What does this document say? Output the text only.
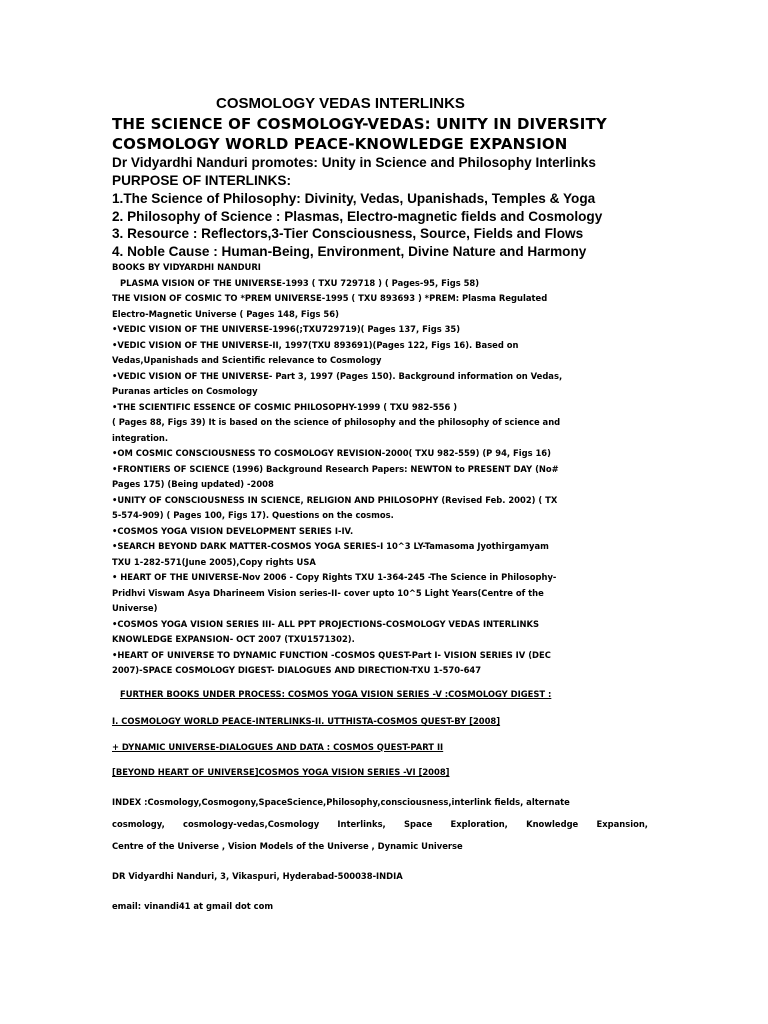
COSMOLOGY VEDAS INTERLINKS
THE SCIENCE OF COSMOLOGY-VEDAS: UNITY IN DIVERSITY
COSMOLOGY WORLD PEACE-KNOWLEDGE EXPANSION
Dr Vidyardhi Nanduri promotes: Unity in Science and Philosophy Interlinks
PURPOSE OF INTERLINKS:
1.The Science of Philosophy: Divinity, Vedas, Upanishads, Temples & Yoga
2. Philosophy of Science : Plasmas, Electro-magnetic fields and Cosmology
3. Resource : Reflectors,3-Tier Consciousness, Source, Fields and Flows
4. Noble Cause : Human-Being, Environment, Divine Nature and Harmony
BOOKS BY VIDYARDHI NANDURI
PLASMA VISION OF THE UNIVERSE-1993 ( TXU 729718 ) ( Pages-95, Figs 58)
THE VISION OF COSMIC TO *PREM UNIVERSE-1995 ( TXU 893693 ) *PREM: Plasma Regulated
Electro-Magnetic Universe ( Pages 148, Figs 56)
•VEDIC VISION OF THE UNIVERSE-1996(;TXU729719)( Pages 137, Figs 35)
•VEDIC VISION OF THE UNIVERSE-II, 1997(TXU 893691)(Pages 122, Figs 16). Based on
Vedas,Upanishads and Scientific relevance to Cosmology
•VEDIC VISION OF THE UNIVERSE- Part 3, 1997 (Pages 150). Background information on Vedas,
Puranas articles on Cosmology
•THE SCIENTIFIC ESSENCE OF COSMIC PHILOSOPHY-1999 ( TXU 982-556 )
( Pages 88, Figs 39) It is based on the science of philosophy and the philosophy of science and
integration.
•OM COSMIC CONSCIOUSNESS TO COSMOLOGY REVISION-2000( TXU 982-559) (P 94, Figs 16)
•FRONTIERS OF SCIENCE (1996) Background Research Papers: NEWTON to PRESENT DAY (No#
Pages 175) (Being updated) -2008
•UNITY OF CONSCIOUSNESS IN SCIENCE, RELIGION AND PHILOSOPHY (Revised Feb. 2002) ( TX
5-574-909) ( Pages 100, Figs 17). Questions on the cosmos.
•COSMOS YOGA VISION DEVELOPMENT SERIES I-IV.
•SEARCH BEYOND DARK MATTER-COSMOS YOGA SERIES-I 10^3 LY-Tamasoma Jyothirgamyam
TXU 1-282-571(June 2005),Copy rights USA
• HEART OF THE UNIVERSE-Nov 2006 - Copy Rights TXU 1-364-245 -The Science in Philosophy-
Pridhvi Viswam Asya Dharineem Vision series-II- cover upto 10^5 Light Years(Centre of the
Universe)
•COSMOS YOGA VISION SERIES III- ALL PPT PROJECTIONS-COSMOLOGY VEDAS INTERLINKS
KNOWLEDGE EXPANSION- OCT 2007 (TXU1571302).
•HEART OF UNIVERSE TO DYNAMIC FUNCTION -COSMOS QUEST-Part I- VISION SERIES IV (DEC
2007)-SPACE COSMOLOGY DIGEST- DIALOGUES AND DIRECTION-TXU 1-570-647
FURTHER BOOKS UNDER PROCESS: COSMOS YOGA VISION SERIES -V :COSMOLOGY DIGEST :
I. COSMOLOGY WORLD PEACE-INTERLINKS-II. UTTHISTA-COSMOS QUEST-BY [2008]
+ DYNAMIC UNIVERSE-DIALOGUES AND DATA : COSMOS QUEST-PART II
[BEYOND HEART OF UNIVERSE]COSMOS YOGA VISION SERIES -VI [2008]
INDEX :Cosmology,Cosmogony,SpaceScience,Philosophy,consciousness,interlink fields, alternate
cosmology, cosmology-vedas,Cosmology Interlinks, Space Exploration, Knowledge Expansion,
Centre of the Universe , Vision Models of the Universe , Dynamic Universe
DR Vidyardhi Nanduri, 3, Vikaspuri, Hyderabad-500038-INDIA
email: vinandi41 at gmail dot com
